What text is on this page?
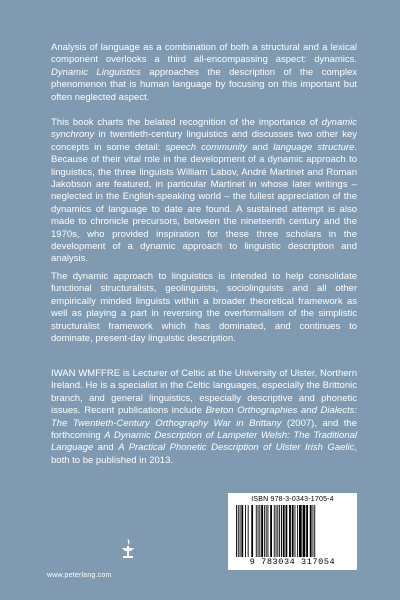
Analysis of language as a combination of both a structural and a lexical component overlooks a third all-encompassing aspect: dynamics. Dynamic Linguistics approaches the description of the complex phenomenon that is human language by focusing on this important but often neglected aspect.

This book charts the belated recognition of the importance of dynamic synchrony in twentieth-century linguistics and discusses two other key concepts in some detail: speech community and language structure. Because of their vital role in the development of a dynamic approach to linguistics, the three linguists William Labov, André Martinet and Roman Jakobson are featured, in particular Martinet in whose later writings – neglected in the English-speaking world – the fullest appreciation of the dynamics of language to date are found. A sustained attempt is also made to chronicle precursors, between the nineteenth century and the 1970s, who provided inspiration for these three scholars in the development of a dynamic approach to linguistic description and analysis.

The dynamic approach to linguistics is intended to help consolidate functional structuralists, geolinguists, sociolinguists and all other empirically minded linguists within a broader theoretical framework as well as playing a part in reversing the overformalism of the simplistic structuralist framework which has dominated, and continues to dominate, present-day linguistic description.

IWAN WMFFRE is Lecturer of Celtic at the University of Ulster, Northern Ireland. He is a specialist in the Celtic languages, especially the Brittonic branch, and general linguistics, especially descriptive and phonetic issues. Recent publications include Breton Orthographies and Dialects: The Twentieth-Century Orthography War in Brittany (2007), and the forthcoming A Dynamic Description of Lampeter Welsh: The Traditional Language and A Practical Phonetic Description of Ulster Irish Gaelic, both to be published in 2013.

ISBN 978-3-0343-1705-4
9 783034 317054
www.peterlang.com
